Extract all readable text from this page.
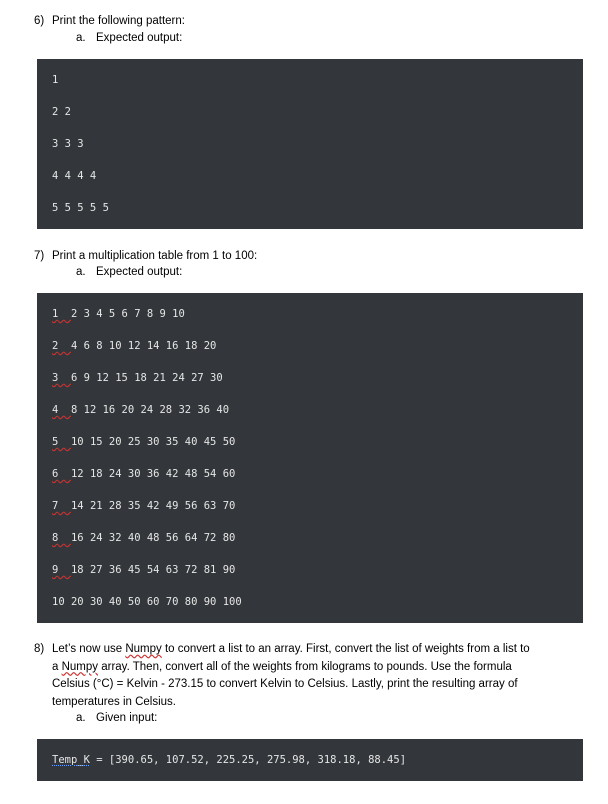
6) Print the following pattern:
a. Expected output:
1
2 2
3 3 3
4 4 4 4
5 5 5 5 5
7) Print a multiplication table from 1 to 100:
a. Expected output:
1 2 3 4 5 6 7 8 9 10
2 4 6 8 10 12 14 16 18 20
3 6 9 12 15 18 21 24 27 30
4 8 12 16 20 24 28 32 36 40
5 10 15 20 25 30 35 40 45 50
6 12 18 24 30 36 42 48 54 60
7 14 21 28 35 42 49 56 63 70
8 16 24 32 40 48 56 64 72 80
9 18 27 36 45 54 63 72 81 90
10 20 30 40 50 60 70 80 90 100
8) Let’s now use Numpy to convert a list to an array. First, convert the list of weights from a list to
a Numpy array. Then, convert all of the weights from kilograms to pounds. Use the formula
Celsius (°C) = Kelvin - 273.15 to convert Kelvin to Celsius. Lastly, print the resulting array of
temperatures in Celsius.
a. Given input:
Temp_K = [390.65, 107.52, 225.25, 275.98, 318.18, 88.45]
